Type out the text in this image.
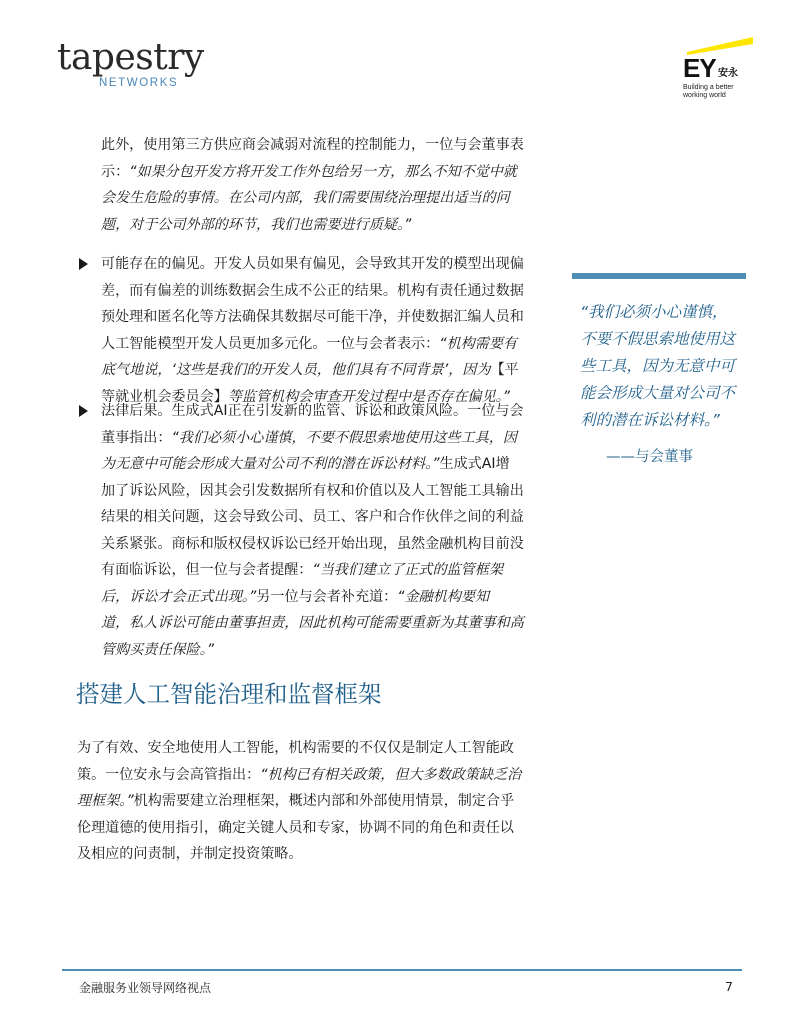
tapestry
NETWORKS	EY 安永
Building a better
working world
此外，使用第三方供应商会减弱对流程的控制能力，一位与会董事表
示：“如果分包开发方将开发工作外包给另一方，那么不知不觉中就
会发生危险的事情。在公司内部，我们需要围绕治理提出适当的问
题，对于公司外部的环节，我们也需要进行质疑。”
可能存在的偏见。开发人员如果有偏见，会导致其开发的模型出现偏
差，而有偏差的训练数据会生成不公正的结果。机构有责任通过数据
预处理和匿名化等方法确保其数据尽可能干净，并使数据汇编人员和
人工智能模型开发人员更加多元化。一位与会者表示：“机构需要有
底气地说，‘这些是我们的开发人员，他们具有不同背景’，因为【平
等就业机会委员会】等监管机构会审查开发过程中是否存在偏见。”
法律后果。生成式AI正在引发新的监管、诉讼和政策风险。一位与会
董事指出：“我们必须小心谨慎，不要不假思索地使用这些工具，因
为无意中可能会形成大量对公司不利的潜在诉讼材料。”生成式AI增
加了诉讼风险，因其会引发数据所有权和价值以及人工智能工具输出
结果的相关问题，这会导致公司、员工、客户和合作伙伴之间的利益
关系紧张。商标和版权侵权诉讼已经开始出现，虽然金融机构目前没
有面临诉讼，但一位与会者提醒：“当我们建立了正式的监管框架
后，诉讼才会正式出现。”另一位与会者补充道：“金融机构要知
道，私人诉讼可能由董事担责，因此机构可能需要重新为其董事和高
管购买责任保险。”
“我们必须小心谨慎，
不要不假思索地使用这
些工具，因为无意中可
能会形成大量对公司不
利的潜在诉讼材料。”
——与会董事
搭建人工智能治理和监督框架
为了有效、安全地使用人工智能，机构需要的不仅仅是制定人工智能政
策。一位安永与会高管指出：“机构已有相关政策，但大多数政策缺乏治
理框架。”机构需要建立治理框架，概述内部和外部使用情景，制定合乎
伦理道德的使用指引，确定关键人员和专家，协调不同的角色和责任以
及相应的问责制，并制定投资策略。
金融服务业领导网络视点	7
